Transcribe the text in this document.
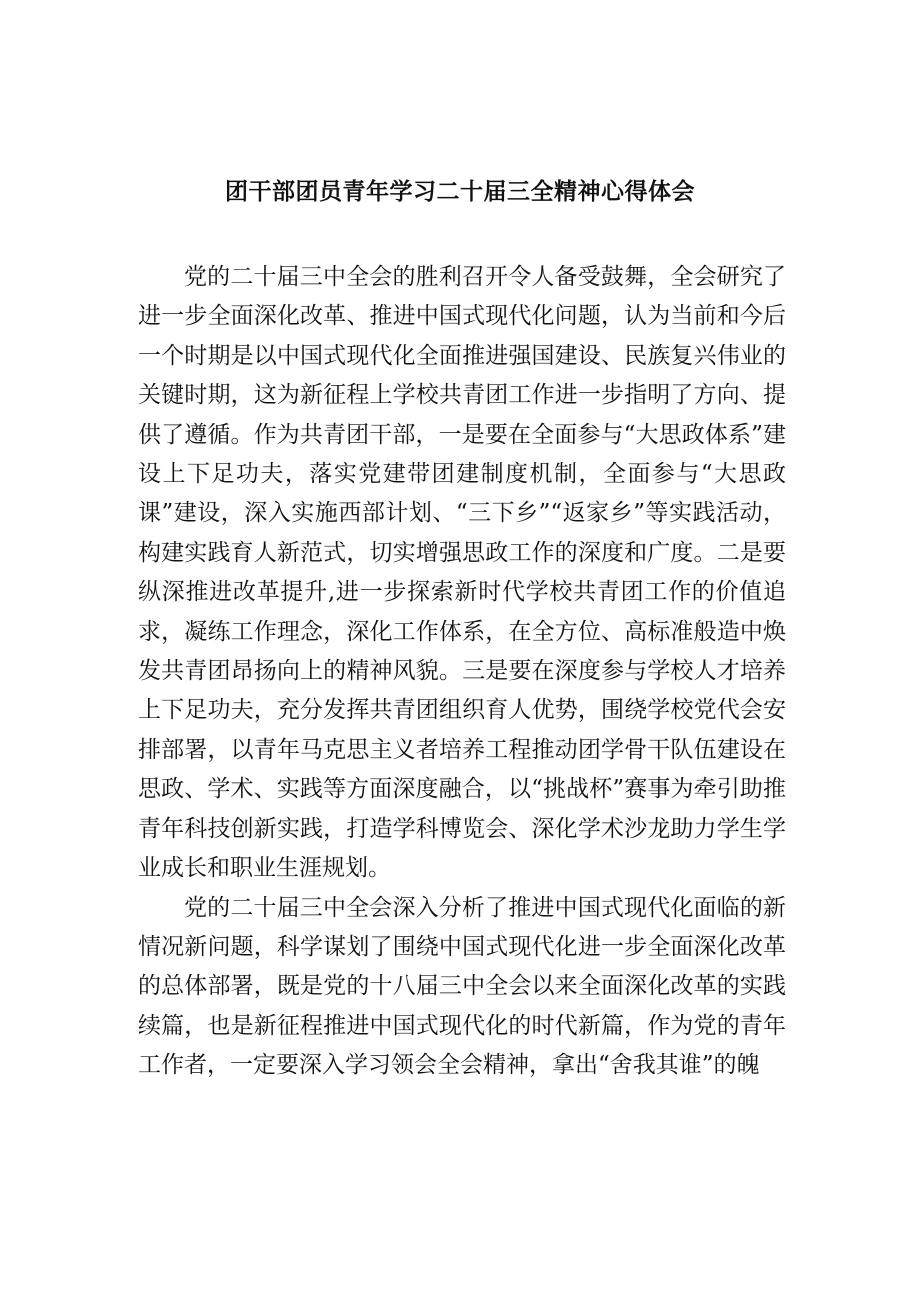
团干部团员青年学习二十届三全精神心得体会

党的二十届三中全会的胜利召开令人备受鼓舞，全会研究了进一步全面深化改革、推进中国式现代化问题，认为当前和今后一个时期是以中国式现代化全面推进强国建设、民族复兴伟业的关键时期，这为新征程上学校共青团工作进一步指明了方向、提供了遵循。作为共青团干部，一是要在全面参与“大思政体系”建设上下足功夫，落实党建带团建制度机制，全面参与“大思政课”建设，深入实施西部计划、“三下乡”“返家乡”等实践活动，构建实践育人新范式，切实增强思政工作的深度和广度。二是要纵深推进改革提升,进一步探索新时代学校共青团工作的价值追求，凝练工作理念，深化工作体系，在全方位、高标准般造中焕发共青团昂扬向上的精神风貌。三是要在深度参与学校人才培养上下足功夫，充分发挥共青团组织育人优势，围绕学校党代会安排部署，以青年马克思主义者培养工程推动团学骨干队伍建设在思政、学术、实践等方面深度融合，以“挑战杯”赛事为牵引助推青年科技创新实践，打造学科博览会、深化学术沙龙助力学生学业成长和职业生涯规划。

党的二十届三中全会深入分析了推进中国式现代化面临的新情况新问题，科学谋划了围绕中国式现代化进一步全面深化改革的总体部署，既是党的十八届三中全会以来全面深化改革的实践续篇，也是新征程推进中国式现代化的时代新篇，作为党的青年工作者，一定要深入学习领会全会精神，拿出“舍我其谁”的魄
